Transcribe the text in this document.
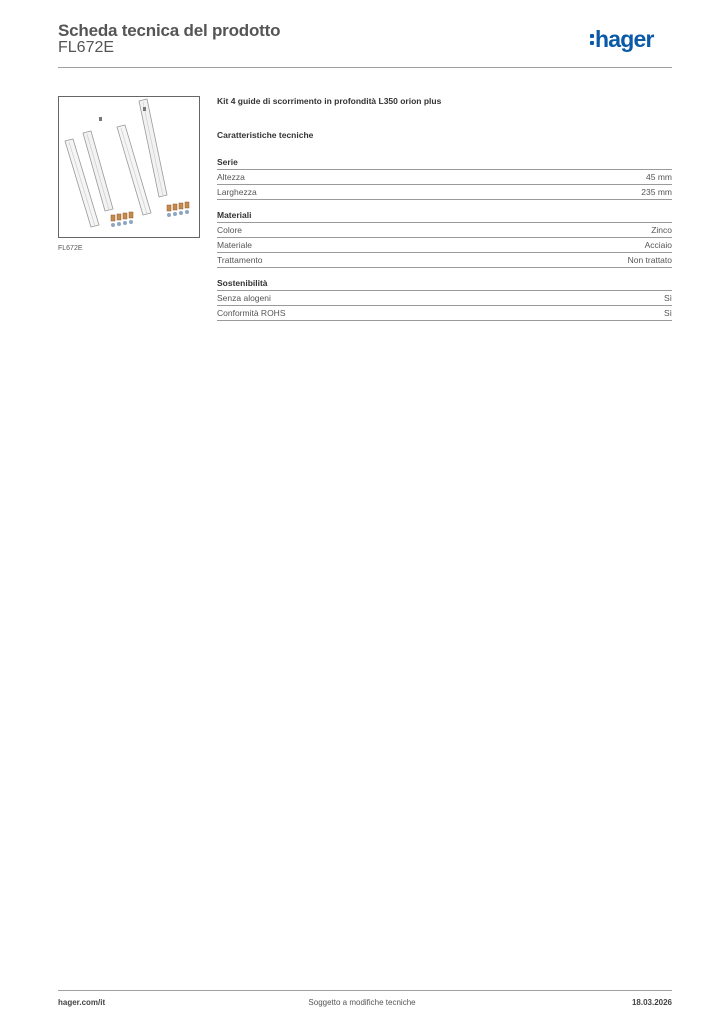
Scheda tecnica del prodotto
FL672E	hager
FL672E
Kit 4 guide di scorrimento in profondità L350 orion plus
Caratteristiche tecniche
Serie
Altezza	45 mm
Larghezza	235 mm
Materiali
Colore	Zinco
Materiale	Acciaio
Trattamento	Non trattato
Sostenibilità
Senza alogeni	Sì
Conformità ROHS	Sì
hager.com/it	Soggetto a modifiche tecniche	18.03.2026
